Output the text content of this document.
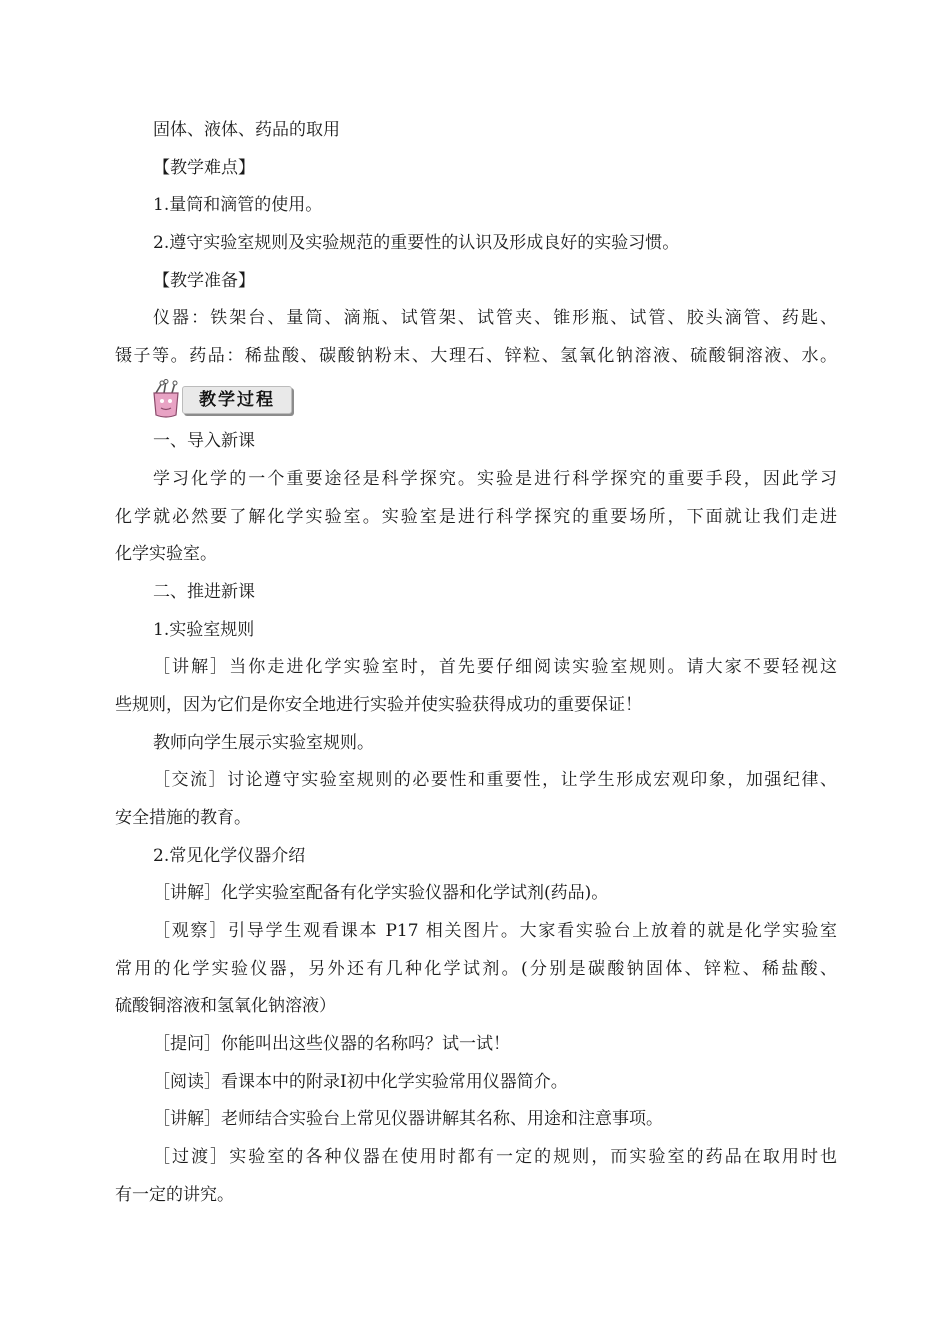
固体、液体、药品的取用
【教学难点】
1.量筒和滴管的使用。
2.遵守实验室规则及实验规范的重要性的认识及形成良好的实验习惯。
【教学准备】
仪器：铁架台、量筒、滴瓶、试管架、试管夹、锥形瓶、试管、胶头滴管、药匙、
镊子等。药品：稀盐酸、碳酸钠粉末、大理石、锌粒、氢氧化钠溶液、硫酸铜溶液、水。
教学过程
一、导入新课
学习化学的一个重要途径是科学探究。实验是进行科学探究的重要手段，因此学习
化学就必然要了解化学实验室。实验室是进行科学探究的重要场所，下面就让我们走进
化学实验室。
二、推进新课
1.实验室规则
［讲解］当你走进化学实验室时，首先要仔细阅读实验室规则。请大家不要轻视这
些规则，因为它们是你安全地进行实验并使实验获得成功的重要保证！
教师向学生展示实验室规则。
［交流］讨论遵守实验室规则的必要性和重要性，让学生形成宏观印象，加强纪律、
安全措施的教育。
2.常见化学仪器介绍
［讲解］化学实验室配备有化学实验仪器和化学试剂(药品)。
［观察］引导学生观看课本 P17 相关图片。大家看实验台上放着的就是化学实验室
常用的化学实验仪器，另外还有几种化学试剂。(分别是碳酸钠固体、锌粒、稀盐酸、
硫酸铜溶液和氢氧化钠溶液）
［提问］你能叫出这些仪器的名称吗？试一试！
［阅读］看课本中的附录Ⅰ初中化学实验常用仪器简介。
［讲解］老师结合实验台上常见仪器讲解其名称、用途和注意事项。
［过渡］实验室的各种仪器在使用时都有一定的规则，而实验室的药品在取用时也
有一定的讲究。
